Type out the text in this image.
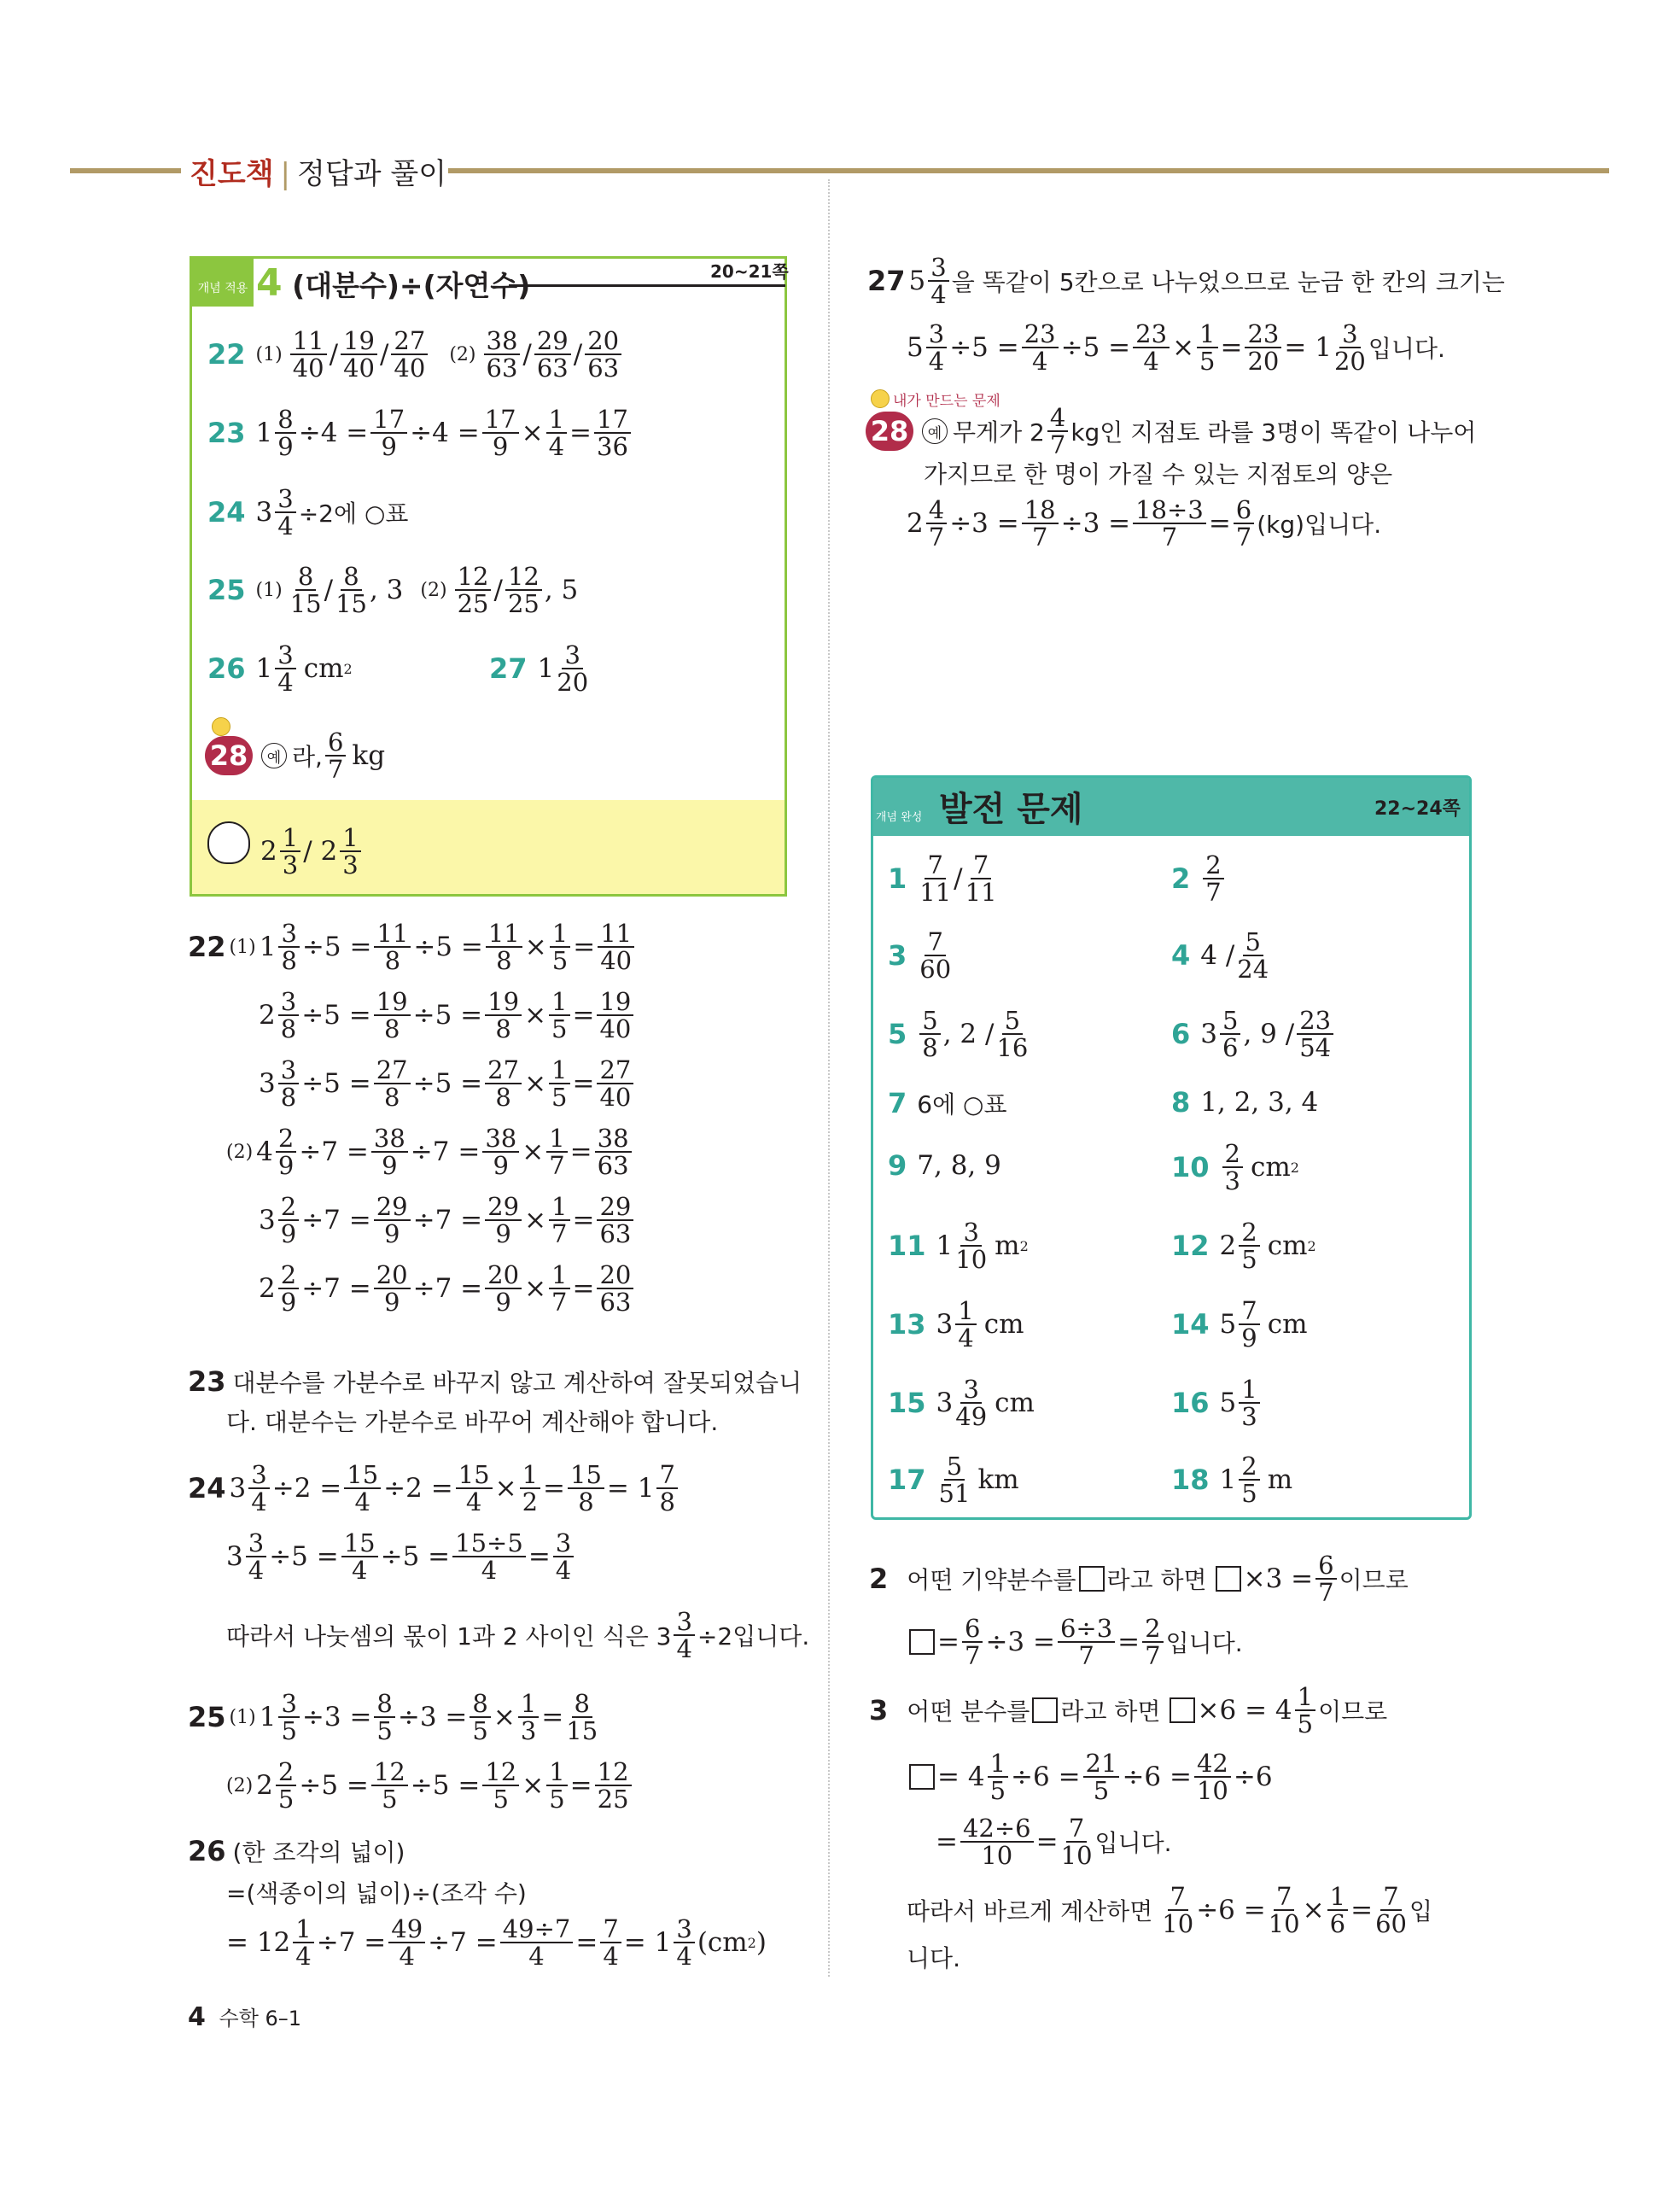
진도책 | 정답과 풀이
개념 적용 4 (대분수)÷(자연수)	20~21쪽
22 (1) 11
40 / 19
40 / 27
40 (2) 38
63 / 29
63 / 20
63
23 1 8
9 ÷4 = 17
9 ÷4 = 17
9 × 1
4 = 17
36
24 $3 \frac{3}{4} \div 2$에 ○표
25 (1) 8
15 / 8
15 , 3 (2) 12
25 / 12
25 , 5
26 1 3
4 cm 2	27 1 3
20
28	예 라,
6
7 kg
2 1
3 / 2 1
3
22 (1) 1 3
8 ÷5 = 11
8 ÷5 = 11
8 × 1
5 = 11
40
2 3
8 ÷5 = 19
8 ÷5 = 19
8 × 1
5 = 19
40
3 3
8 ÷5 = 27
8 ÷5 = 27
8 × 1
5 = 27
40
(2) 4 2
9 ÷7 = 38
9 ÷7 = 38
9 × 1
7 = 38
63
3 2
9 ÷7 = 29
9 ÷7 = 29
9 × 1
7 = 29
63
2 2
9 ÷7 = 20
9 ÷7 = 20
9 × 1
7 = 20
63
23 대분수를 가분수로 바꾸지 않고 계산하여 잘못되었습니
다. 대분수는 가분수로 바꾸어 계산해야 합니다.
24 3 3
4 ÷2 = 15
4 ÷2 = 15
4 × 1
2 = 15
8 = 1 7
8
3 3
4 ÷5 = 15
4 ÷5 = 15÷5
4 = 3
4
따라서 나눗셈의 몫이 1과 2 사이인 식은 $3 \frac{3}{4} \div 2$입니다.
25 (1) 1 3
5 ÷3 = 8
5 ÷3 = 8
5 × 1
3 = 8
15
(2) 2 2
5 ÷5 = 12
5 ÷5 = 12
5 × 1
5 = 12
25
26 (한 조각의 넓이)
=(색종이의 넓이)÷(조각 수)
= 12 1
4 ÷7 = 49
4 ÷7 = 49÷7
4 = 7
4 = 1 3
4 (cm 2 )
4 수학 6–1
27 5 3
4 을 똑같이 5칸으로 나누었으므로 눈금 한 칸의 크기는
5 3
4 ÷5 = 23
4 ÷5 = 23
4 × 1
5 = 23
20 = 1 3
20 입니다.
내가 만드는 문제
28	예 무게가 2
4
7 kg인 지점토 라를 3명이 똑같이 나누어
가지므로 한 명이 가질 수 있는 지점토의 양은
2 4
7 ÷3 = 18
7 ÷3 = 18÷3
7 = 6
7 (kg)입니다.
개념 완성 발전 문제	22~24쪽
1 7
11 / 7
11	2 2
7
3 7
60	4 4 / 5
24
5 5
8 , 2 / 5
16	6 3 5
6 , 9 / 23
54
7 6에 ○표	8 1, 2, 3, 4
9 7, 8, 9	10 2
3 cm 2
11 1 3
10 m 2	12 2 2
5 cm 2
13 3 1
4 cm	14 5 7
9 cm
15 3 3
49 cm	16 5 1
3
17 5
51 km	18 1 2
5 m
2 어떤 기약분수를 라고 하면 $\times 3 = \frac{6}{7}$ 이므로
= 6
7 ÷3 = 6÷3
7 = 2
7 입니다.
3 어떤 분수를 라고 하면 ×6 = 4 1
5 이므로
= 4 1
5 ÷6 = 21
5 ÷6 = 42
10 ÷6
= 42÷6
10 = 7
10 입니다.
따라서 바르게 계산하면
7
10 ÷6 = 7
10 × 1
6 = 7
60 입
니다.
